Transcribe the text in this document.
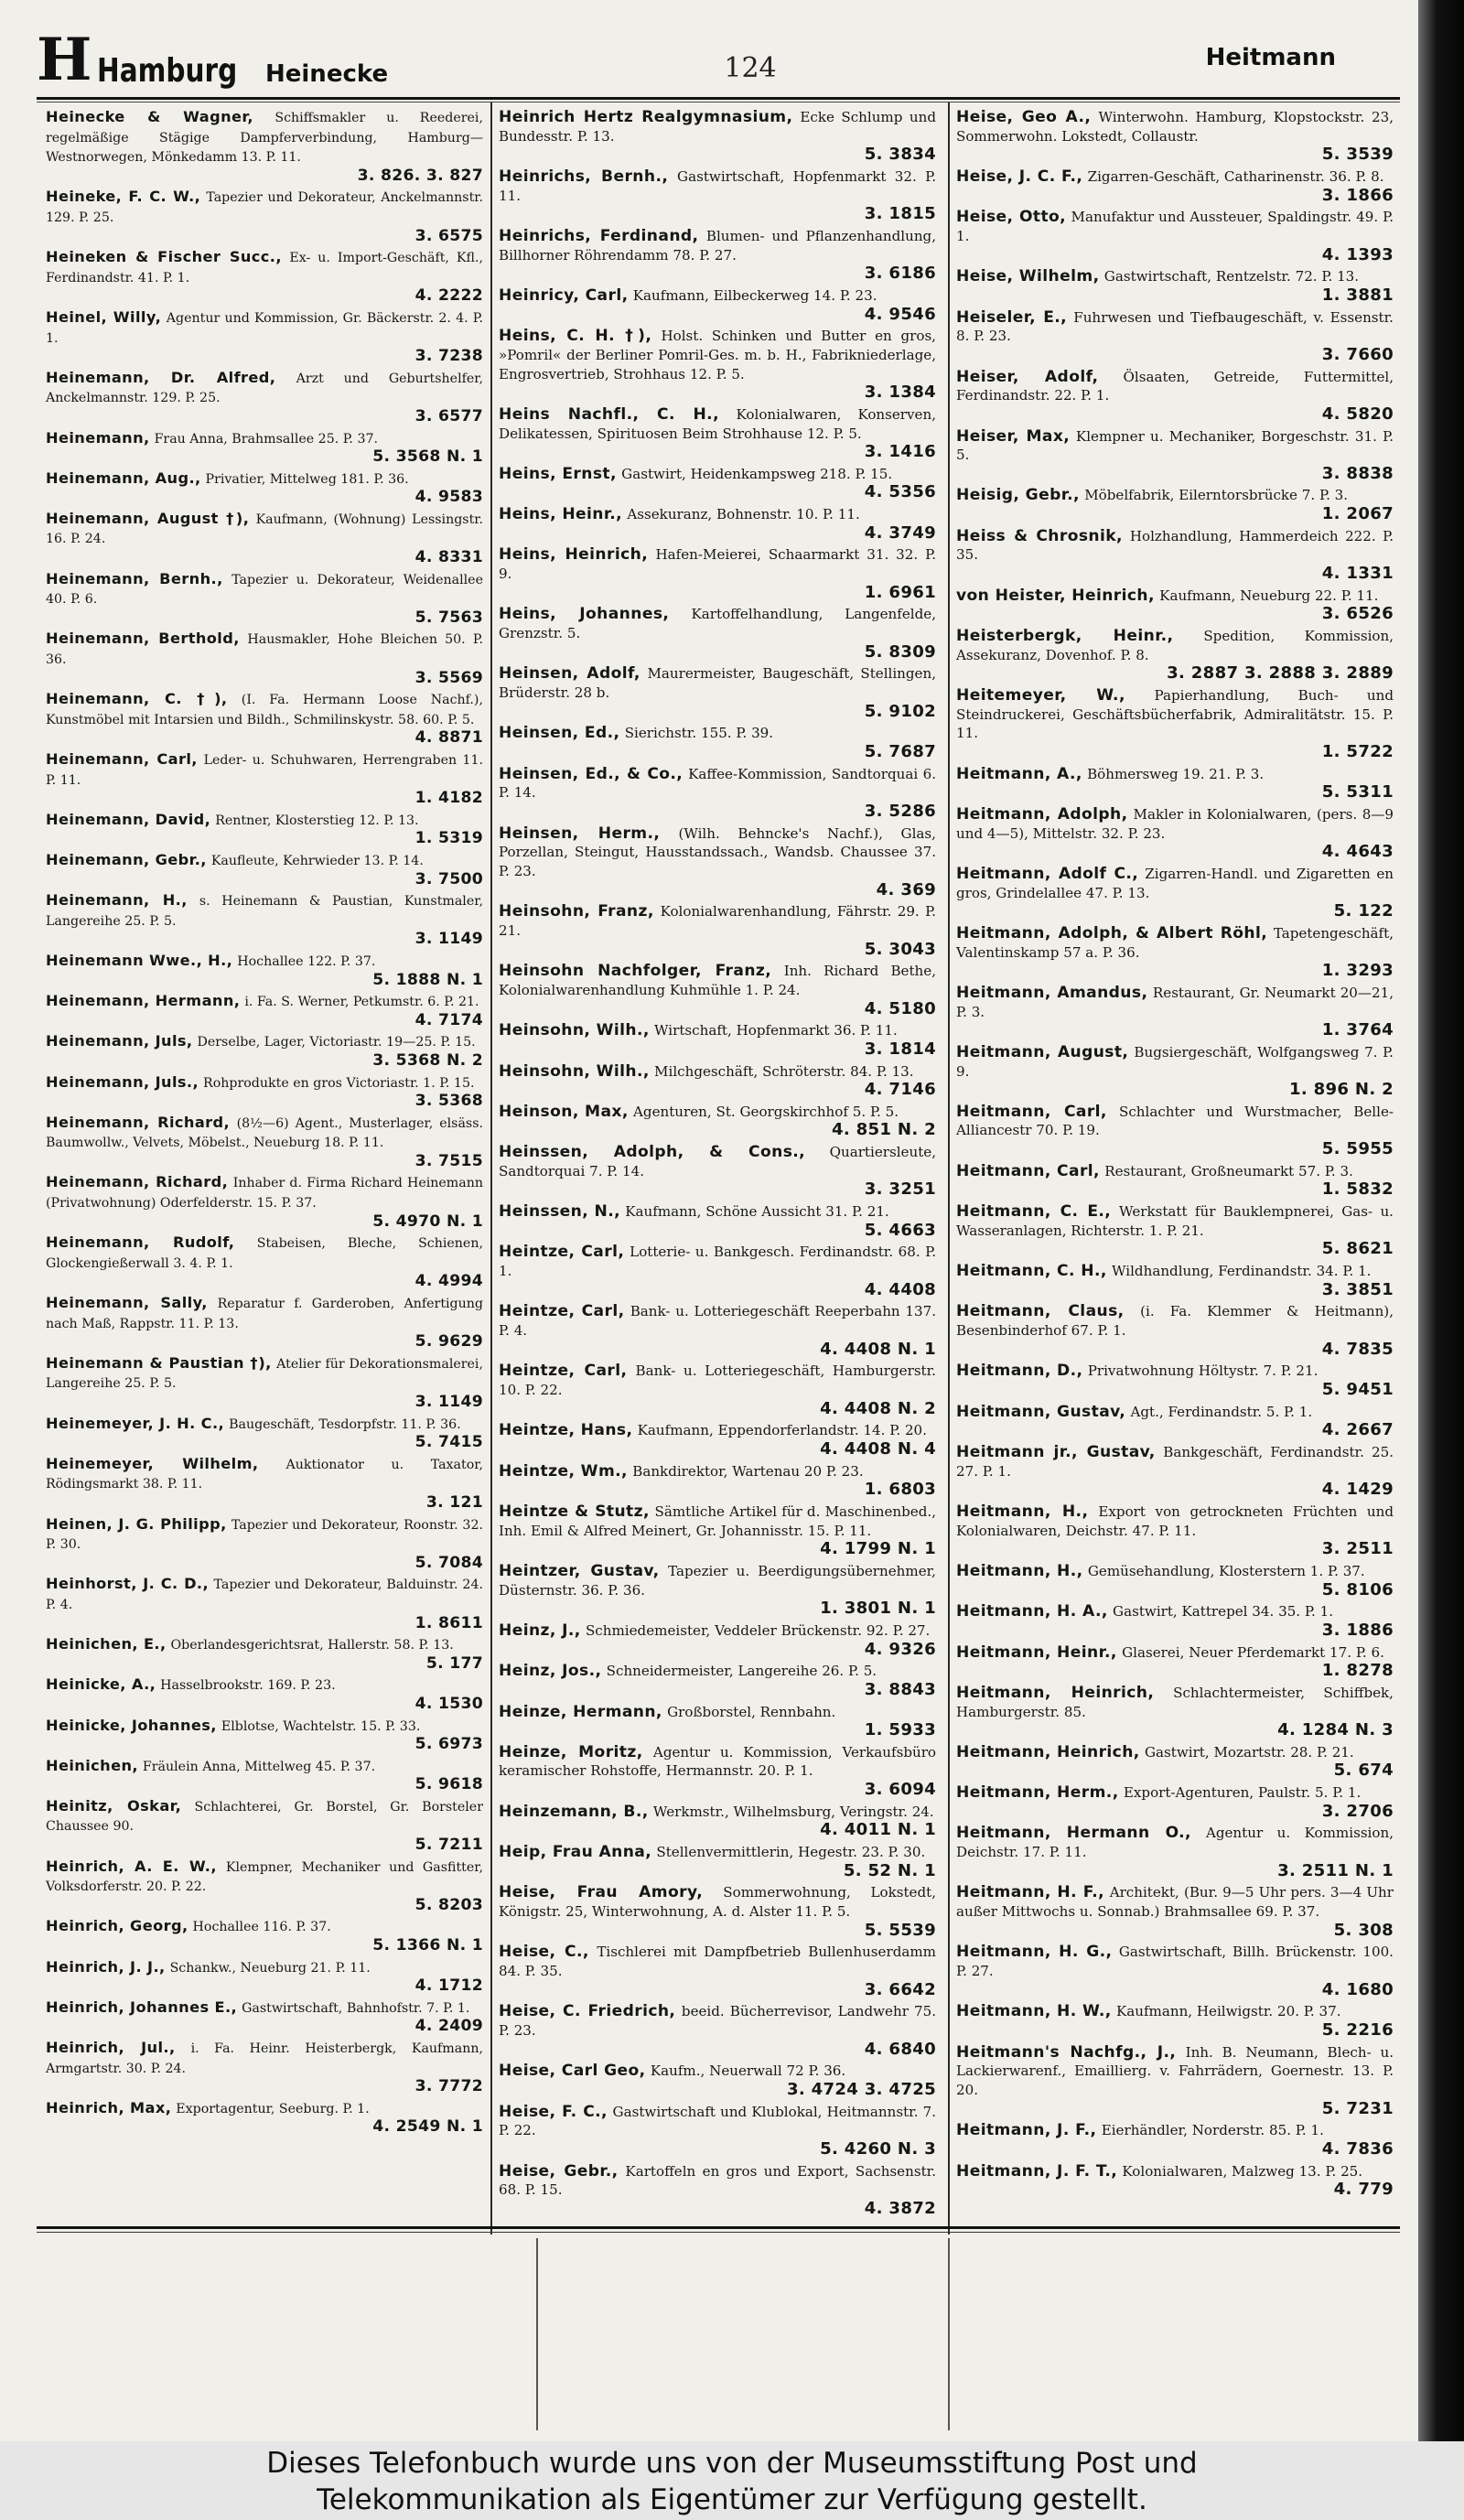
H Hamburg Heinecke	124	Heitmann
Heinecke & Wagner, Schiffsmakler u. Reederei, regelmäßige Stägige Dampferverbindung, Hamburg—Westnorwegen, Mönkedamm 13. P. 11.
3. 826. 3. 827
Heineke, F. C. W., Tapezier und Dekorateur, Anckelmannstr. 129. P. 25.
3. 6575
Heineken & Fischer Succ., Ex- u. Import-Geschäft, Kfl., Ferdinandstr. 41. P. 1.
4. 2222
Heinel, Willy, Agentur und Kommission, Gr. Bäckerstr. 2. 4. P. 1.
3. 7238
Heinemann, Dr. Alfred, Arzt und Geburtshelfer, Anckelmannstr. 129. P. 25.
3. 6577
Heinemann, Frau Anna, Brahmsallee 25. P. 37.
5. 3568 N. 1
Heinemann, Aug., Privatier, Mittelweg 181. P. 36.
4. 9583
Heinemann, August †), Kaufmann, (Wohnung) Lessingstr. 16. P. 24.
4. 8331
Heinemann, Bernh., Tapezier u. Dekorateur, Weidenallee 40. P. 6.
5. 7563
Heinemann, Berthold, Hausmakler, Hohe Bleichen 50. P. 36.
3. 5569
Heinemann, C. †), (I. Fa. Hermann Loose Nachf.), Kunstmöbel mit Intarsien und Bildh., Schmilinskystr. 58. 60. P. 5.
4. 8871
Heinemann, Carl, Leder- u. Schuhwaren, Herrengraben 11. P. 11.
1. 4182
Heinemann, David, Rentner, Klosterstieg 12. P. 13.
1. 5319
Heinemann, Gebr., Kaufleute, Kehrwieder 13. P. 14.
3. 7500
Heinemann, H., s. Heinemann & Paustian, Kunstmaler, Langereihe 25. P. 5.
3. 1149
Heinemann Wwe., H., Hochallee 122. P. 37.
5. 1888 N. 1
Heinemann, Hermann, i. Fa. S. Werner, Petkumstr. 6. P. 21.
4. 7174
Heinemann, Juls, Derselbe, Lager, Victoriastr. 19—25. P. 15.
3. 5368 N. 2
Heinemann, Juls., Rohprodukte en gros Victoriastr. 1. P. 15.
3. 5368
Heinemann, Richard, (8½—6) Agent., Musterlager, elsäss. Baumwollw., Velvets, Möbelst., Neueburg 18. P. 11.
3. 7515
Heinemann, Richard, Inhaber d. Firma Richard Heinemann (Privatwohnung) Oderfelderstr. 15. P. 37.
5. 4970 N. 1
Heinemann, Rudolf, Stabeisen, Bleche, Schienen, Glockengießerwall 3. 4. P. 1.
4. 4994
Heinemann, Sally, Reparatur f. Garderoben, Anfertigung nach Maß, Rappstr. 11. P. 13.
5. 9629
Heinemann & Paustian †), Atelier für Dekorationsmalerei, Langereihe 25. P. 5.
3. 1149
Heinemeyer, J. H. C., Baugeschäft, Tesdorpfstr. 11. P. 36.
5. 7415
Heinemeyer, Wilhelm, Auktionator u. Taxator, Rödingsmarkt 38. P. 11.
3. 121
Heinen, J. G. Philipp, Tapezier und Dekorateur, Roonstr. 32. P. 30.
5. 7084
Heinhorst, J. C. D., Tapezier und Dekorateur, Balduinstr. 24. P. 4.
1. 8611
Heinichen, E., Oberlandesgerichtsrat, Hallerstr. 58. P. 13.
5. 177
Heinicke, A., Hasselbrookstr. 169. P. 23.
4. 1530
Heinicke, Johannes, Elblotse, Wachtelstr. 15. P. 33.
5. 6973
Heinichen, Fräulein Anna, Mittelweg 45. P. 37.
5. 9618
Heinitz, Oskar, Schlachterei, Gr. Borstel, Gr. Borsteler Chaussee 90.
5. 7211
Heinrich, A. E. W., Klempner, Mechaniker und Gasfitter, Volksdorferstr. 20. P. 22.
5. 8203
Heinrich, Georg, Hochallee 116. P. 37.
5. 1366 N. 1
Heinrich, J. J., Schankw., Neueburg 21. P. 11.
4. 1712
Heinrich, Johannes E., Gastwirtschaft, Bahnhofstr. 7. P. 1.
4. 2409
Heinrich, Jul., i. Fa. Heinr. Heisterbergk, Kaufmann, Armgartstr. 30. P. 24.
3. 7772
Heinrich, Max, Exportagentur, Seeburg. P. 1.
4. 2549 N. 1
Heinrich Hertz Realgymnasium, Ecke Schlump und Bundesstr. P. 13.
5. 3834
Heinrichs, Bernh., Gastwirtschaft, Hopfenmarkt 32. P. 11.
3. 1815
Heinrichs, Ferdinand, Blumen- und Pflanzenhandlung, Billhorner Röhrendamm 78. P. 27.
3. 6186
Heinricy, Carl, Kaufmann, Eilbeckerweg 14. P. 23.
4. 9546
Heins, C. H. †), Holst. Schinken und Butter en gros, »Pomril« der Berliner Pomril-Ges. m. b. H., Fabrikniederlage, Engrosvertrieb, Strohhaus 12. P. 5.
3. 1384
Heins Nachfl., C. H., Kolonialwaren, Konserven, Delikatessen, Spirituosen Beim Strohhause 12. P. 5.
3. 1416
Heins, Ernst, Gastwirt, Heidenkampsweg 218. P. 15.
4. 5356
Heins, Heinr., Assekuranz, Bohnenstr. 10. P. 11.
4. 3749
Heins, Heinrich, Hafen-Meierei, Schaarmarkt 31. 32. P. 9.
1. 6961
Heins, Johannes, Kartoffelhandlung, Langenfelde, Grenzstr. 5.
5. 8309
Heinsen, Adolf, Maurermeister, Baugeschäft, Stellingen, Brüderstr. 28 b.
5. 9102
Heinsen, Ed., Sierichstr. 155. P. 39.
5. 7687
Heinsen, Ed., & Co., Kaffee-Kommission, Sandtorquai 6. P. 14.
3. 5286
Heinsen, Herm., (Wilh. Behncke's Nachf.), Glas, Porzellan, Steingut, Hausstandssach., Wandsb. Chaussee 37. P. 23.
4. 369
Heinsohn, Franz, Kolonialwarenhandlung, Fährstr. 29. P. 21.
5. 3043
Heinsohn Nachfolger, Franz, Inh. Richard Bethe, Kolonialwarenhandlung Kuhmühle 1. P. 24.
4. 5180
Heinsohn, Wilh., Wirtschaft, Hopfenmarkt 36. P. 11.
3. 1814
Heinsohn, Wilh., Milchgeschäft, Schröterstr. 84. P. 13.
4. 7146
Heinson, Max, Agenturen, St. Georgskirchhof 5. P. 5.
4. 851 N. 2
Heinssen, Adolph, & Cons., Quartiersleute, Sandtorquai 7. P. 14.
3. 3251
Heinssen, N., Kaufmann, Schöne Aussicht 31. P. 21.
5. 4663
Heintze, Carl, Lotterie- u. Bankgesch. Ferdinandstr. 68. P. 1.
4. 4408
Heintze, Carl, Bank- u. Lotteriegeschäft Reeperbahn 137. P. 4.
4. 4408 N. 1
Heintze, Carl, Bank- u. Lotteriegeschäft, Hamburgerstr. 10. P. 22.
4. 4408 N. 2
Heintze, Hans, Kaufmann, Eppendorferlandstr. 14. P. 20.
4. 4408 N. 4
Heintze, Wm., Bankdirektor, Wartenau 20 P. 23.
1. 6803
Heintze & Stutz, Sämtliche Artikel für d. Maschinenbed., Inh. Emil & Alfred Meinert, Gr. Johannisstr. 15. P. 11.
4. 1799 N. 1
Heintzer, Gustav, Tapezier u. Beerdigungsübernehmer, Düsternstr. 36. P. 36.
1. 3801 N. 1
Heinz, J., Schmiedemeister, Veddeler Brückenstr. 92. P. 27.
4. 9326
Heinz, Jos., Schneidermeister, Langereihe 26. P. 5.
3. 8843
Heinze, Hermann, Großborstel, Rennbahn.
1. 5933
Heinze, Moritz, Agentur u. Kommission, Verkaufsbüro keramischer Rohstoffe, Hermannstr. 20. P. 1.
3. 6094
Heinzemann, B., Werkmstr., Wilhelmsburg, Veringstr. 24.
4. 4011 N. 1
Heip, Frau Anna, Stellenvermittlerin, Hegestr. 23. P. 30.
5. 52 N. 1
Heise, Frau Amory, Sommerwohnung, Lokstedt, Königstr. 25, Winterwohnung, A. d. Alster 11. P. 5.
5. 5539
Heise, C., Tischlerei mit Dampfbetrieb Bullenhuserdamm 84. P. 35.
3. 6642
Heise, C. Friedrich, beeid. Bücherrevisor, Landwehr 75. P. 23.
4. 6840
Heise, Carl Geo, Kaufm., Neuerwall 72 P. 36.
3. 4724 3. 4725
Heise, F. C., Gastwirtschaft und Klublokal, Heitmannstr. 7. P. 22.
5. 4260 N. 3
Heise, Gebr., Kartoffeln en gros und Export, Sachsenstr. 68. P. 15.
4. 3872
Heise, Geo A., Winterwohn. Hamburg, Klopstockstr. 23, Sommerwohn. Lokstedt, Collaustr.
5. 3539
Heise, J. C. F., Zigarren-Geschäft, Catharinenstr. 36. P. 8.
3. 1866
Heise, Otto, Manufaktur und Aussteuer, Spaldingstr. 49. P. 1.
4. 1393
Heise, Wilhelm, Gastwirtschaft, Rentzelstr. 72. P. 13.
1. 3881
Heiseler, E., Fuhrwesen und Tiefbaugeschäft, v. Essenstr. 8. P. 23.
3. 7660
Heiser, Adolf, Ölsaaten, Getreide, Futtermittel, Ferdinandstr. 22. P. 1.
4. 5820
Heiser, Max, Klempner u. Mechaniker, Borgeschstr. 31. P. 5.
3. 8838
Heisig, Gebr., Möbelfabrik, Eilerntorsbrücke 7. P. 3.
1. 2067
Heiss & Chrosnik, Holzhandlung, Hammerdeich 222. P. 35.
4. 1331
von Heister, Heinrich, Kaufmann, Neueburg 22. P. 11.
3. 6526
Heisterbergk, Heinr., Spedition, Kommission, Assekuranz, Dovenhof. P. 8.
3. 2887 3. 2888 3. 2889
Heitemeyer, W., Papierhandlung, Buch- und Steindruckerei, Geschäftsbücherfabrik, Admiralitätstr. 15. P. 11.
1. 5722
Heitmann, A., Böhmersweg 19. 21. P. 3.
5. 5311
Heitmann, Adolph, Makler in Kolonialwaren, (pers. 8—9 und 4—5), Mittelstr. 32. P. 23.
4. 4643
Heitmann, Adolf C., Zigarren-Handl. und Zigaretten en gros, Grindelallee 47. P. 13.
5. 122
Heitmann, Adolph, & Albert Röhl, Tapetengeschäft, Valentinskamp 57 a. P. 36.
1. 3293
Heitmann, Amandus, Restaurant, Gr. Neumarkt 20—21, P. 3.
1. 3764
Heitmann, August, Bugsiergeschäft, Wolfgangsweg 7. P. 9.
1. 896 N. 2
Heitmann, Carl, Schlachter und Wurstmacher, Belle-Alliancestr 70. P. 19.
5. 5955
Heitmann, Carl, Restaurant, Großneumarkt 57. P. 3.
1. 5832
Heitmann, C. E., Werkstatt für Bauklempnerei, Gas- u. Wasseranlagen, Richterstr. 1. P. 21.
5. 8621
Heitmann, C. H., Wildhandlung, Ferdinandstr. 34. P. 1.
3. 3851
Heitmann, Claus, (i. Fa. Klemmer & Heitmann), Besenbinderhof 67. P. 1.
4. 7835
Heitmann, D., Privatwohnung Höltystr. 7. P. 21.
5. 9451
Heitmann, Gustav, Agt., Ferdinandstr. 5. P. 1.
4. 2667
Heitmann jr., Gustav, Bankgeschäft, Ferdinandstr. 25. 27. P. 1.
4. 1429
Heitmann, H., Export von getrockneten Früchten und Kolonialwaren, Deichstr. 47. P. 11.
3. 2511
Heitmann, H., Gemüsehandlung, Klosterstern 1. P. 37.
5. 8106
Heitmann, H. A., Gastwirt, Kattrepel 34. 35. P. 1.
3. 1886
Heitmann, Heinr., Glaserei, Neuer Pferdemarkt 17. P. 6.
1. 8278
Heitmann, Heinrich, Schlachtermeister, Schiffbek, Hamburgerstr. 85.
4. 1284 N. 3
Heitmann, Heinrich, Gastwirt, Mozartstr. 28. P. 21.
5. 674
Heitmann, Herm., Export-Agenturen, Paulstr. 5. P. 1.
3. 2706
Heitmann, Hermann O., Agentur u. Kommission, Deichstr. 17. P. 11.
3. 2511 N. 1
Heitmann, H. F., Architekt, (Bur. 9—5 Uhr pers. 3—4 Uhr außer Mittwochs u. Sonnab.) Brahmsallee 69. P. 37.
5. 308
Heitmann, H. G., Gastwirtschaft, Billh. Brückenstr. 100. P. 27.
4. 1680
Heitmann, H. W., Kaufmann, Heilwigstr. 20. P. 37.
5. 2216
Heitmann's Nachfg., J., Inh. B. Neumann, Blech- u. Lackierwarenf., Emaillierg. v. Fahrrädern, Goernestr. 13. P. 20.
5. 7231
Heitmann, J. F., Eierhändler, Norderstr. 85. P. 1.
4. 7836
Heitmann, J. F. T., Kolonialwaren, Malzweg 13. P. 25.
4. 779
Dieses Telefonbuch wurde uns von der Museumsstiftung Post und
Telekommunikation als Eigentümer zur Verfügung gestellt.
